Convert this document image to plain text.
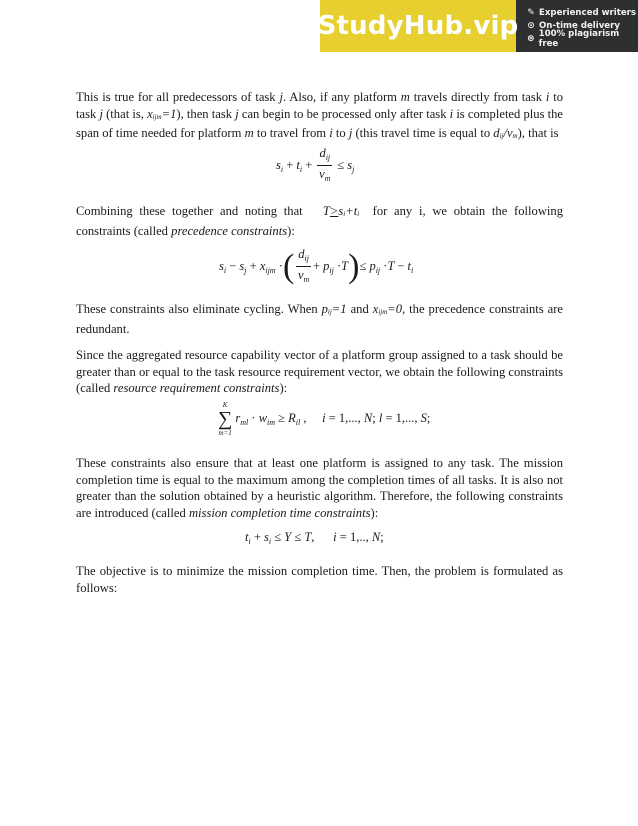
StudyHub.vip ✎ Experienced writers
⊙ On-time delivery
⊛ 100% plagiarism free

This is true for all predecessors of task j. Also, if any platform m travels directly from task i to task j (that is, xijm=1), then task j can begin to be processed only after task i is completed plus the span of time needed for platform m to travel from i to j (this travel time is equal to dij/vm), that is

$s_i + t_i + \frac{d_{ij}}{v_m} \le s_j$

Combining these together and noting that T>si+ti for any i, we obtain the following constraints (called precedence constraints):

$s_i - s_j + x_{ijm}$ ·( $\frac{d_{ij}}{v_m} + p_{ij} \cdot T)\le p_{ij} \cdot T - t_i$

These constraints also eliminate cycling. When pij=1 and xijm=0, the precedence constraints are redundant.

Since the aggregated resource capability vector of a platform group assigned to a task should be greater than or equal to the task resource requirement vector, we obtain the following constraints (called resource requirement constraints):

K
∑
m=1
$r_{ml} \cdot w_{im} \ge R_{il}$ ,     i = 1,..., N; l = 1,..., S;

These constraints also ensure that at least one platform is assigned to any task. The mission completion time is equal to the maximum among the completion times of all tasks. It is also not greater than the solution obtained by a heuristic algorithm. Therefore, the following constraints are introduced (called mission completion time constraints):

$t_i + s_i \le Y \le T$,      i = 1,.., N;

The objective is to minimize the mission completion time. Then, the problem is formulated as follows:
